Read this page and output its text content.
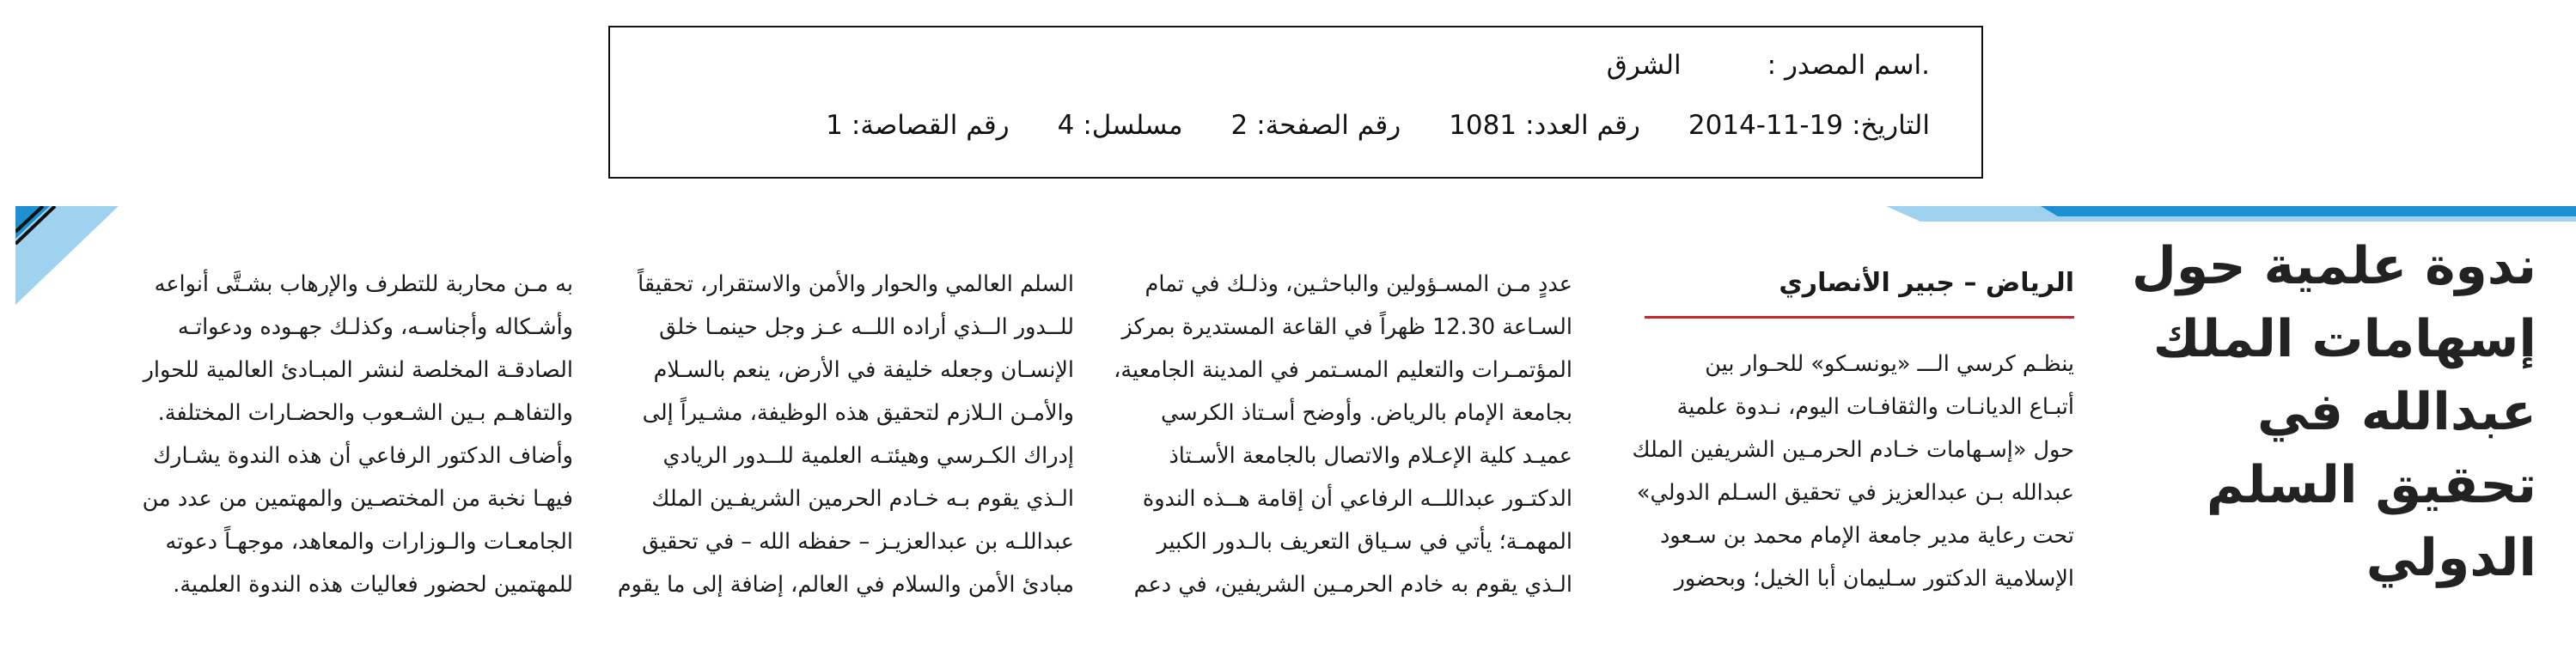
.اسم المصدر :
الشرق
التاريخ:
2014-11-19
رقم العدد:
1081
رقم الصفحة:
2
مسلسل:
4
رقم القصاصة:
1
ندوة علمية حول
إسهامات الملك
عبدالله في
تحقيق السلم
الدولي
الرياض – جبير الأنصاري
ينظـم كرسي الـــ «يونسـكو» للحـوار بين
أتبـاع الديانـات والثقافـات اليوم، نـدوة علمية
حول «إسـهامات خـادم الحرمـين الشريفين الملك
عبدالله بـن عبدالعزيز في تحقيق السـلم الدولي»
تحت رعاية مدير جامعة الإمام محمد بن سـعود
الإسلامية الدكتور سـليمان أبا الخيل؛ وبحضور
عددٍ مـن المسـؤولين والباحثـين، وذلـك في تمام
السـاعة 12.30 ظهراً في القاعة المستديرة بمركز
المؤتمـرات والتعليم المسـتمر في المدينة الجامعية،
بجامعة الإمام بالرياض. وأوضح أسـتاذ الكرسي
عميـد كلية الإعـلام والاتصال بالجامعة الأسـتاذ
الدكتـور عبداللــه الرفاعي أن إقامة هــذه الندوة
المهمـة؛ يأتي في سـياق التعريف بالـدور الكبير
الـذي يقوم به خادم الحرمـين الشريفين، في دعم
السلم العالمي والحوار والأمن والاستقرار، تحقيقاً
للــدور الــذي أراده اللــه عـز وجل حينمـا خلق
الإنسـان وجعله خليفة في الأرض، ينعم بالسـلام
والأمـن الـلازم لتحقيق هذه الوظيفة، مشـيراً إلى
إدراك الكـرسي وهيئتـه العلمية للــدور الريادي
الـذي يقوم بـه خـادم الحرمين الشريفـين الملك
عبداللـه بن عبدالعزيـز – حفظه الله – في تحقيق
مبادئ الأمن والسلام في العالم، إضافة إلى ما يقوم
به مـن محاربة للتطرف والإرهاب بشـتَّى أنواعه
وأشـكاله وأجناسـه، وكذلـك جهـوده ودعواتـه
الصادقـة المخلصة لنشر المبـادئ العالمية للحوار
والتفاهـم بـين الشـعوب والحضـارات المختلفة.
وأضاف الدكتور الرفاعي أن هذه الندوة يشـارك
فيهـا نخبة من المختصـين والمهتمين من عدد من
الجامعـات والـوزارات والمعاهد، موجهـاً دعوته
للمهتمين لحضور فعاليات هذه الندوة العلمية.
